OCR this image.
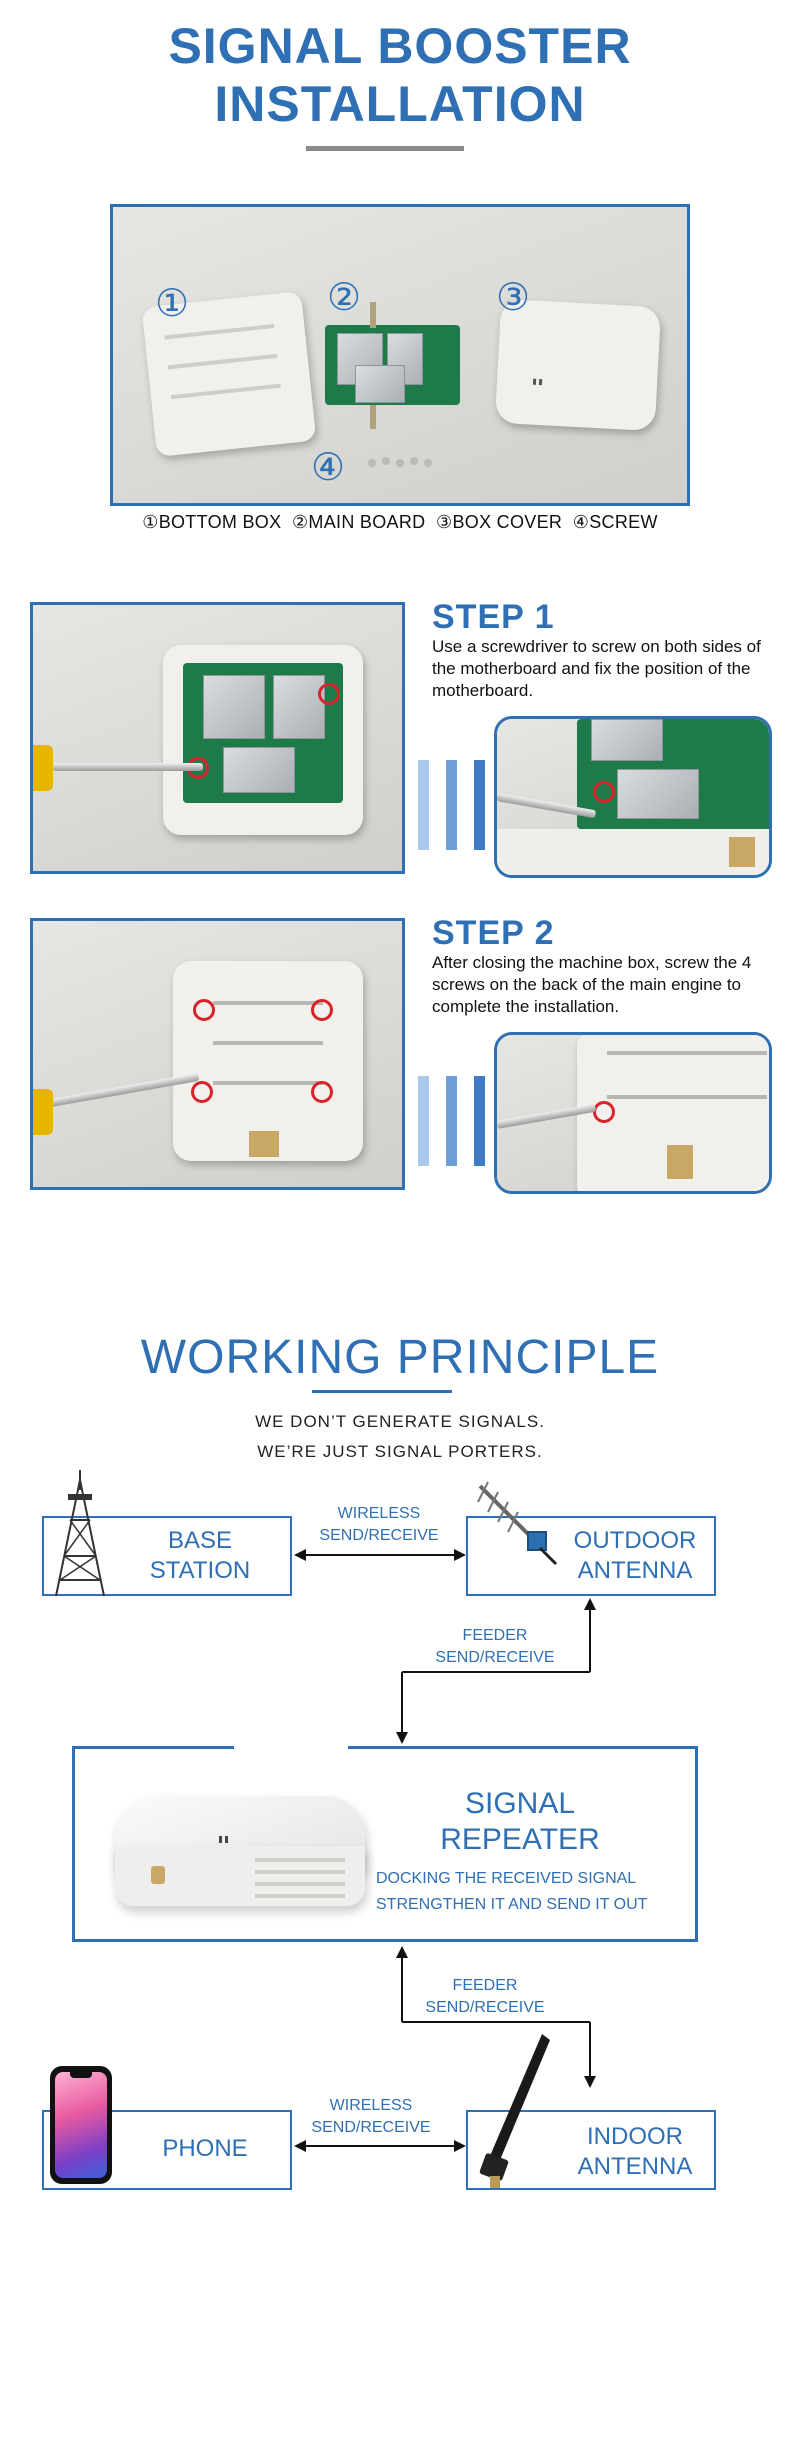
SIGNAL BOOSTER
INSTALLATION
①	②	③
④
①BOTTOM BOX  ②MAIN BOARD  ③BOX COVER  ④SCREW
STEP 1
Use a screwdriver to screw on both sides of the motherboard and fix the position of the motherboard.
STEP 2
After closing the machine box, screw the 4 screws on the back of the main engine to complete the installation.
WORKING PRINCIPLE
WE DON’T GENERATE SIGNALS.
WE’RE JUST SIGNAL PORTERS.
BASE
STATION
OUTDOOR
ANTENNA
WIRELESS
SEND/RECEIVE
FEEDER
SEND/RECEIVE
SIGNAL
REPEATER
DOCKING THE RECEIVED SIGNAL
STRENGTHEN IT AND SEND IT OUT
FEEDER
SEND/RECEIVE
PHONE
WIRELESS
SEND/RECEIVE	INDOOR
ANTENNA
